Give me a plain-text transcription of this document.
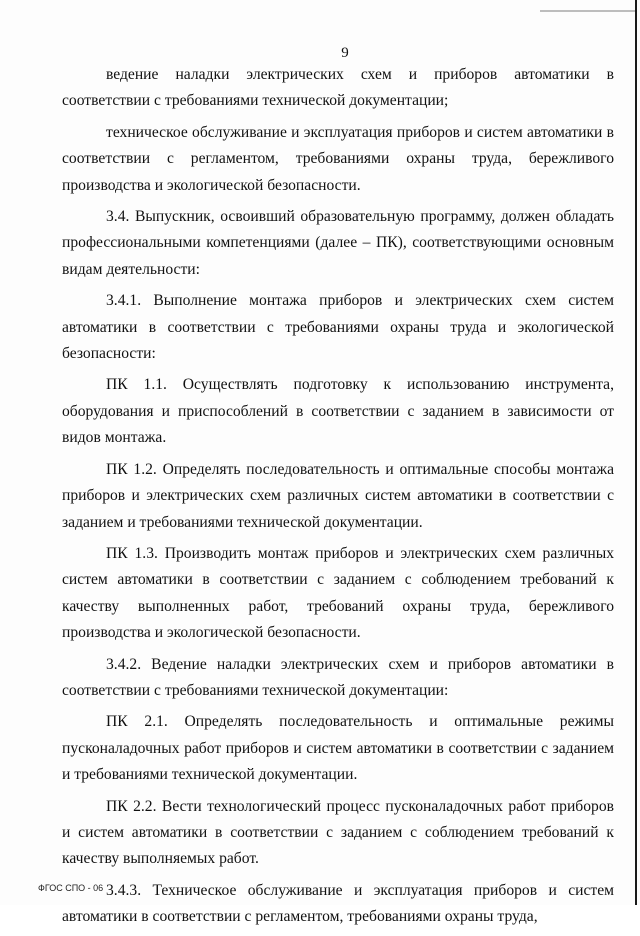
9

ведение наладки электрических схем и приборов автоматики в соответствии с требованиями технической документации;

техническое обслуживание и эксплуатация приборов и систем автоматики в соответствии с регламентом, требованиями охраны труда, бережливого производства и экологической безопасности.

3.4. Выпускник, освоивший образовательную программу, должен обладать профессиональными компетенциями (далее – ПК), соответствующими основным видам деятельности:

3.4.1. Выполнение монтажа приборов и электрических схем систем автоматики в соответствии с требованиями охраны труда и экологической безопасности:

ПК 1.1. Осуществлять подготовку к использованию инструмента, оборудования и приспособлений в соответствии с заданием в зависимости от видов монтажа.

ПК 1.2. Определять последовательность и оптимальные способы монтажа приборов и электрических схем различных систем автоматики в соответствии с заданием и требованиями технической документации.

ПК 1.3. Производить монтаж приборов и электрических схем различных систем автоматики в соответствии с заданием с соблюдением требований к качеству выполненных работ, требований охраны труда, бережливого производства и экологической безопасности.

3.4.2. Ведение наладки электрических схем и приборов автоматики в соответствии с требованиями технической документации:

ПК 2.1. Определять последовательность и оптимальные режимы пусконаладочных работ приборов и систем автоматики в соответствии с заданием и требованиями технической документации.

ПК 2.2. Вести технологический процесс пусконаладочных работ приборов и систем автоматики в соответствии с заданием с соблюдением требований к качеству выполняемых работ.

3.4.3. Техническое обслуживание и эксплуатация приборов и систем автоматики в соответствии с регламентом, требованиями охраны труда,

ФГОС СПО - 06
